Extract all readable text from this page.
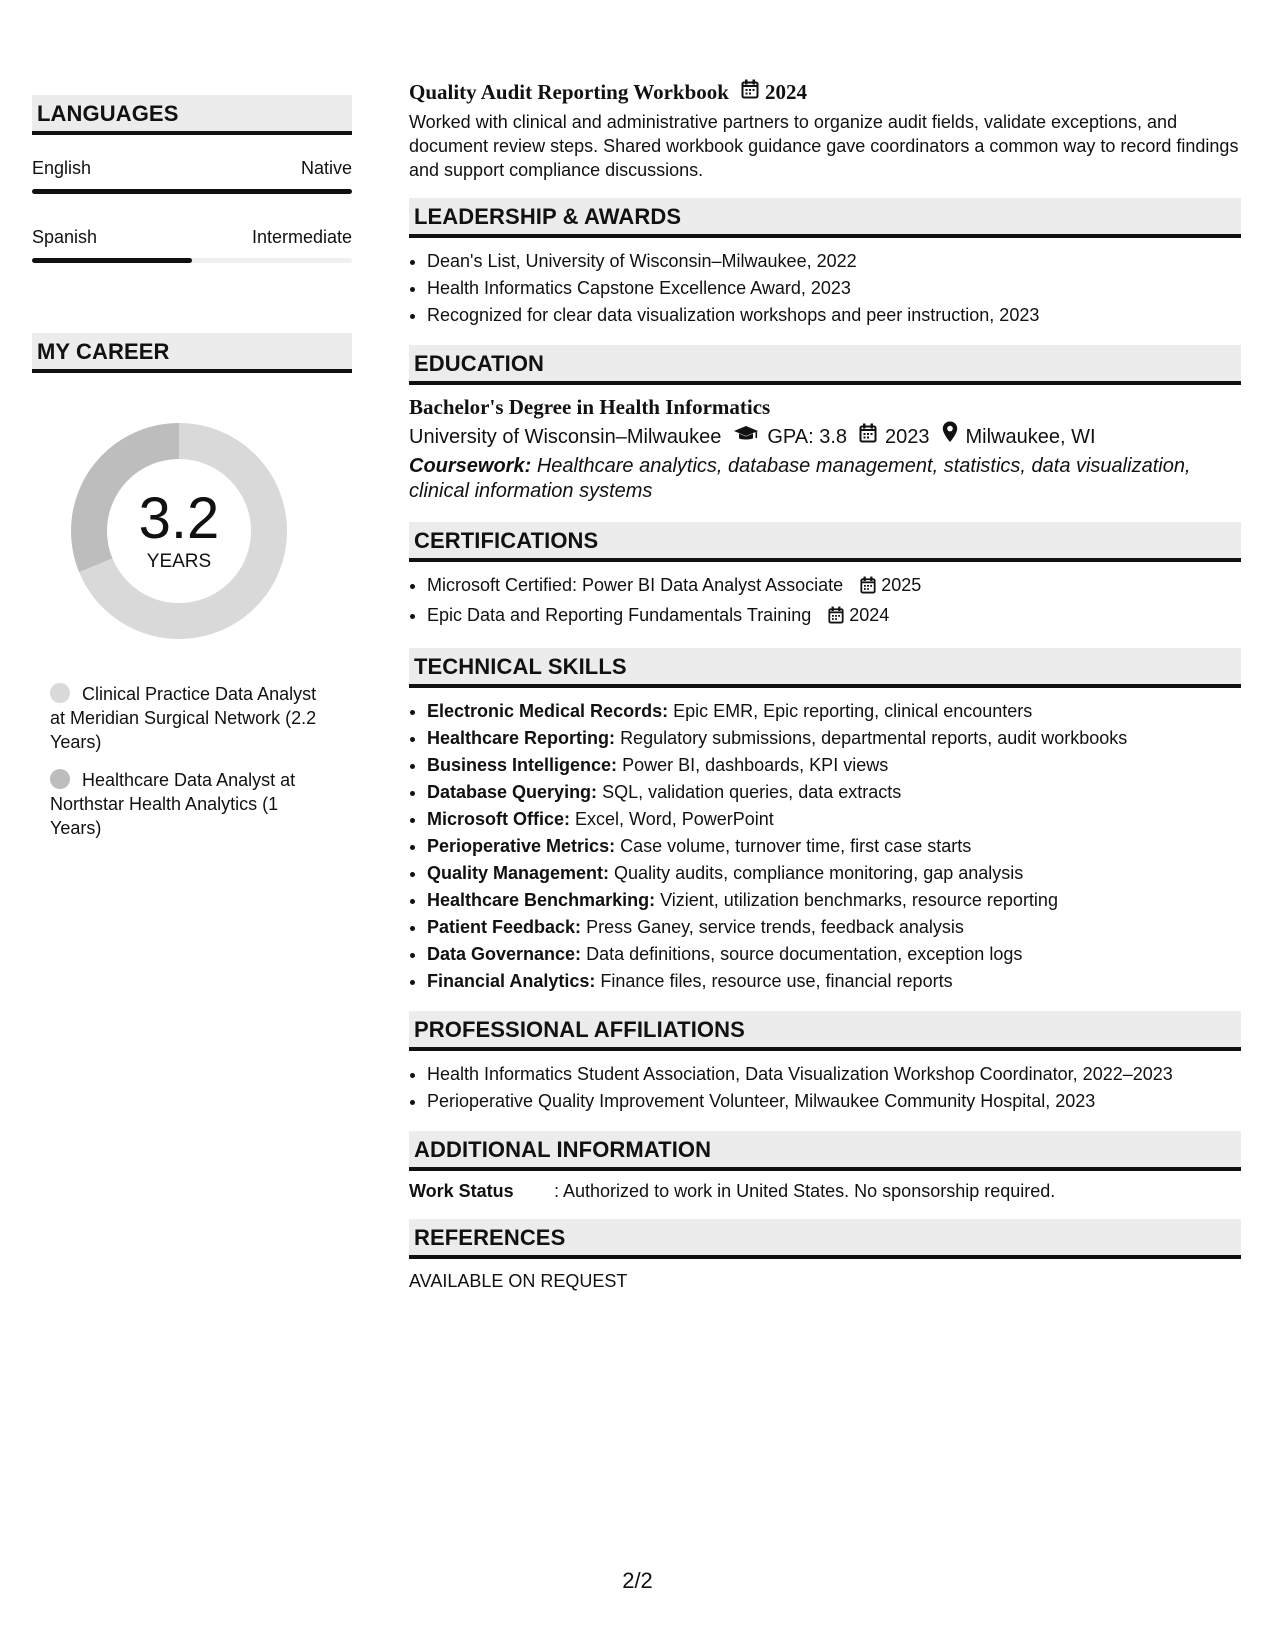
LANGUAGES
English	Native
Spanish	Intermediate
MY CAREER
3.2
YEARS
Clinical Practice Data Analyst at Meridian Surgical Network (2.2 Years)
Healthcare Data Analyst at Northstar Health Analytics (1 Years)
Quality Audit Reporting Workbook 2024
Worked with clinical and administrative partners to organize audit fields, validate exceptions, and document review steps. Shared workbook guidance gave coordinators a common way to record findings and support compliance discussions.
LEADERSHIP & AWARDS
• Dean's List, University of Wisconsin–Milwaukee, 2022
• Health Informatics Capstone Excellence Award, 2023
• Recognized for clear data visualization workshops and peer instruction, 2023
EDUCATION
Bachelor's Degree in Health Informatics
University of Wisconsin–Milwaukee GPA: 3.8 2023 Milwaukee, WI
Coursework: Healthcare analytics, database management, statistics, data visualization, clinical information systems
CERTIFICATIONS
• Microsoft Certified: Power BI Data Analyst Associate 2025
• Epic Data and Reporting Fundamentals Training 2024
TECHNICAL SKILLS
• Electronic Medical Records: Epic EMR, Epic reporting, clinical encounters
• Healthcare Reporting: Regulatory submissions, departmental reports, audit workbooks
• Business Intelligence: Power BI, dashboards, KPI views
• Database Querying: SQL, validation queries, data extracts
• Microsoft Office: Excel, Word, PowerPoint
• Perioperative Metrics: Case volume, turnover time, first case starts
• Quality Management: Quality audits, compliance monitoring, gap analysis
• Healthcare Benchmarking: Vizient, utilization benchmarks, resource reporting
• Patient Feedback: Press Ganey, service trends, feedback analysis
• Data Governance: Data definitions, source documentation, exception logs
• Financial Analytics: Finance files, resource use, financial reports
PROFESSIONAL AFFILIATIONS
• Health Informatics Student Association, Data Visualization Workshop Coordinator, 2022–2023
• Perioperative Quality Improvement Volunteer, Milwaukee Community Hospital, 2023
ADDITIONAL INFORMATION
Work Status	: Authorized to work in United States. No sponsorship required.
REFERENCES
AVAILABLE ON REQUEST
2/2
